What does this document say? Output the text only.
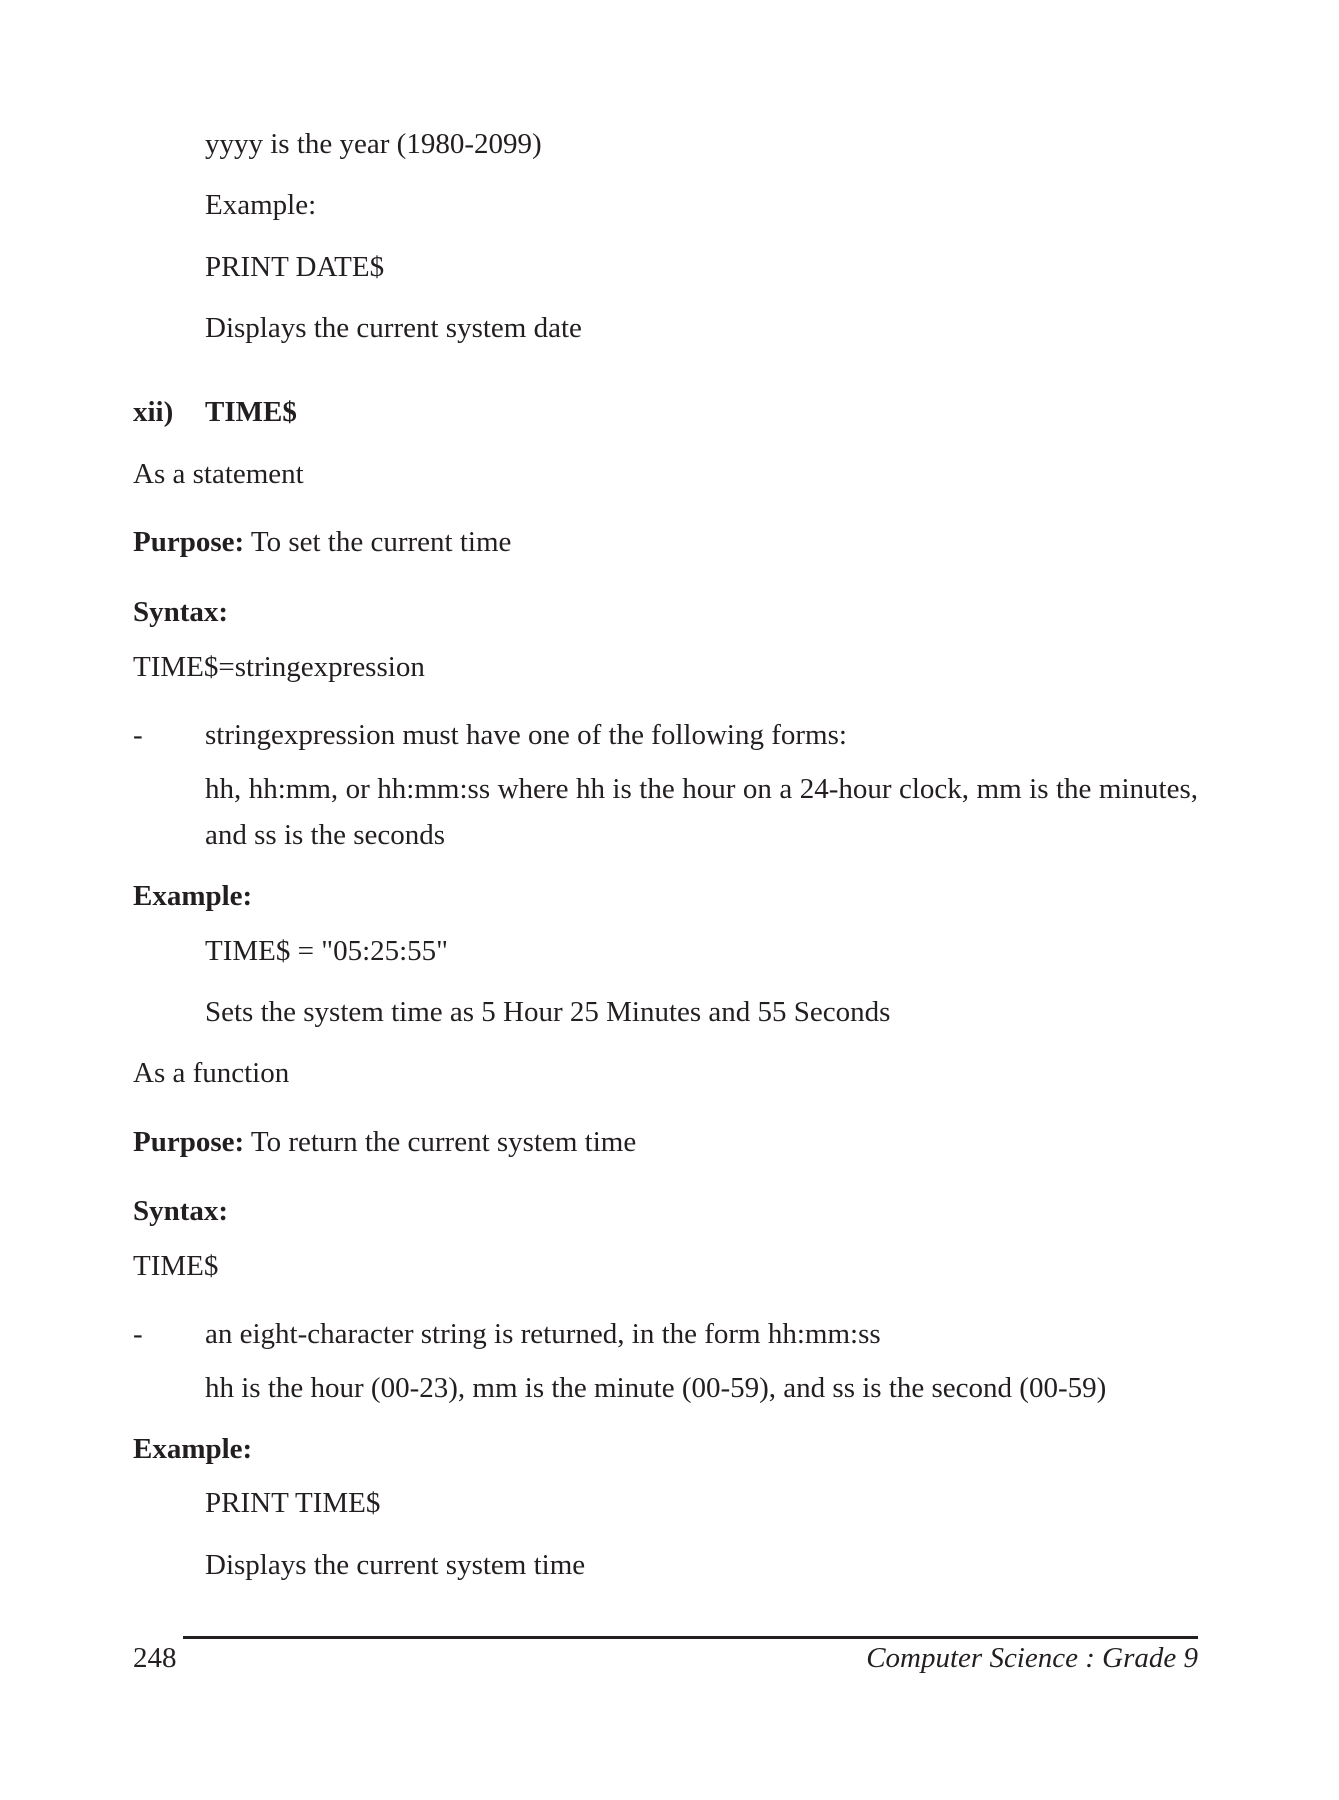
yyyy is the year (1980-2099)
Example:
PRINT DATE$
Displays the current system date
xii) TIME$
As a statement
Purpose: To set the current time
Syntax:
TIME$=stringexpression
- stringexpression must have one of the following forms:
hh, hh:mm, or hh:mm:ss where hh is the hour on a 24-hour clock, mm is the minutes, and ss is the seconds
Example:
TIME$ = "05:25:55"
Sets the system time as 5 Hour 25 Minutes and 55 Seconds
As a function
Purpose: To return the current system time
Syntax:
TIME$
- an eight-character string is returned, in the form hh:mm:ss
hh is the hour (00-23), mm is the minute (00-59), and ss is the second (00-59)
Example:
PRINT TIME$
Displays the current system time
248	Computer Science : Grade 9
